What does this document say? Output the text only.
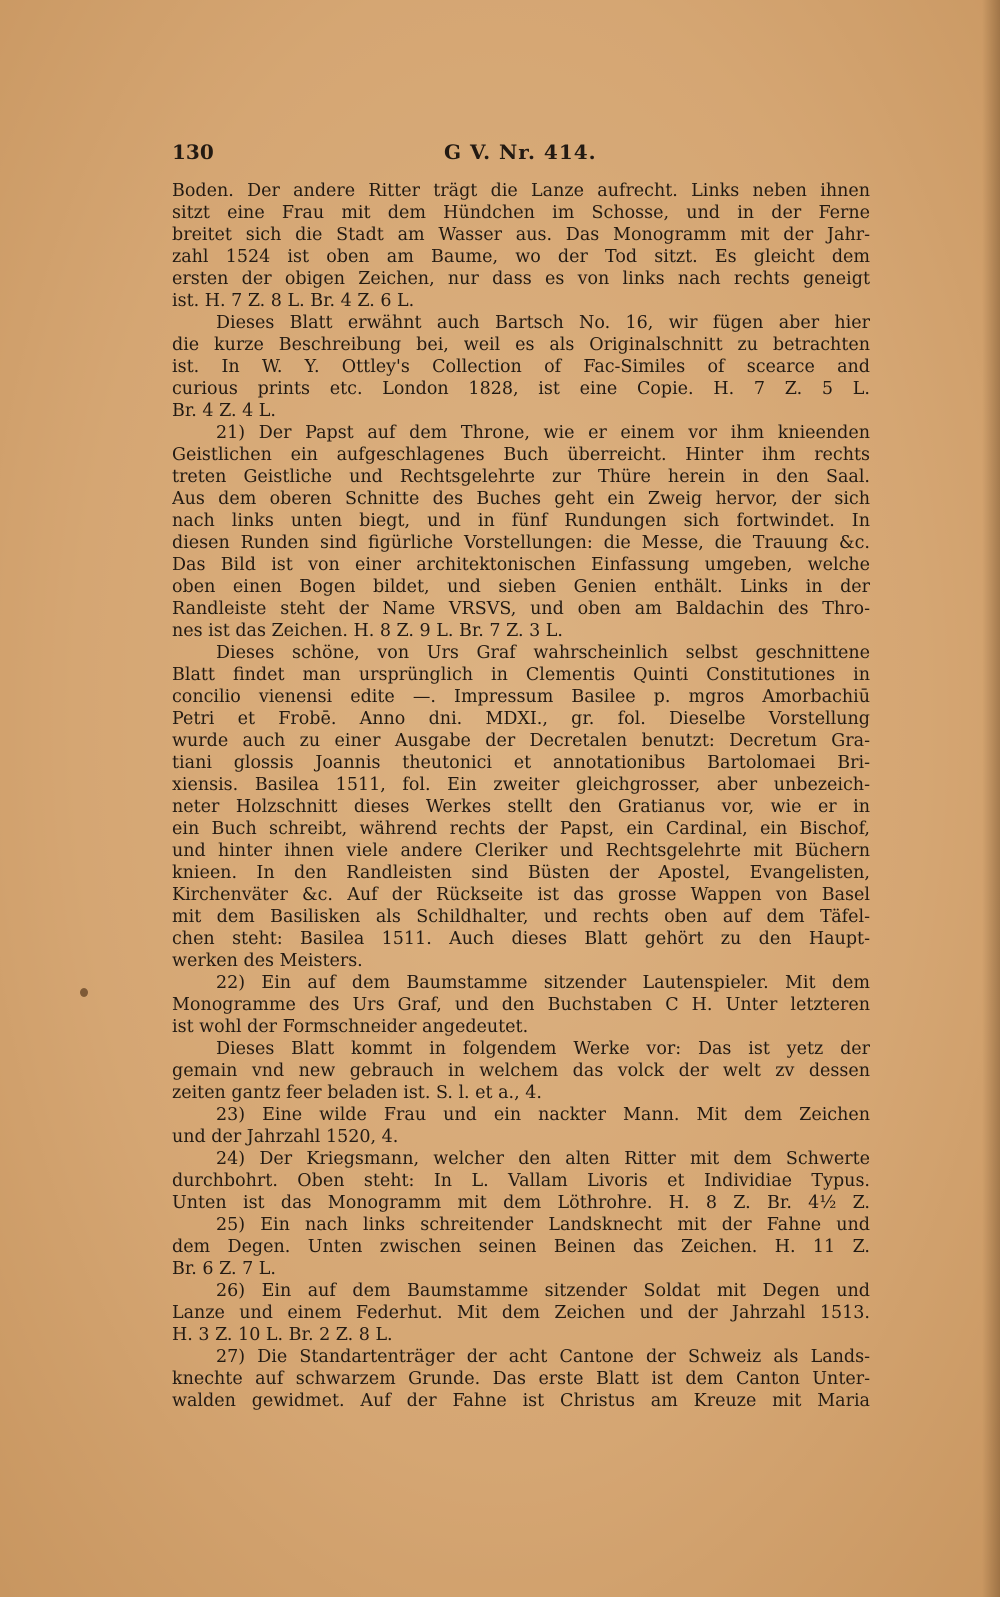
130	G V. Nr. 414.
Boden. Der andere Ritter trägt die Lanze aufrecht. Links neben ihnen
sitzt eine Frau mit dem Hündchen im Schosse, und in der Ferne
breitet sich die Stadt am Wasser aus. Das Monogramm mit der Jahr-
zahl 1524 ist oben am Baume, wo der Tod sitzt. Es gleicht dem
ersten der obigen Zeichen, nur dass es von links nach rechts geneigt
ist. H. 7 Z. 8 L. Br. 4 Z. 6 L.
Dieses Blatt erwähnt auch Bartsch No. 16, wir fügen aber hier
die kurze Beschreibung bei, weil es als Originalschnitt zu betrachten
ist. In W. Y. Ottley's Collection of Fac-Similes of scearce and
curious prints etc. London 1828, ist eine Copie. H. 7 Z. 5 L.
Br. 4 Z. 4 L.
21) Der Papst auf dem Throne, wie er einem vor ihm knieenden
Geistlichen ein aufgeschlagenes Buch überreicht. Hinter ihm rechts
treten Geistliche und Rechtsgelehrte zur Thüre herein in den Saal.
Aus dem oberen Schnitte des Buches geht ein Zweig hervor, der sich
nach links unten biegt, und in fünf Rundungen sich fortwindet. In
diesen Runden sind figürliche Vorstellungen: die Messe, die Trauung &c.
Das Bild ist von einer architektonischen Einfassung umgeben, welche
oben einen Bogen bildet, und sieben Genien enthält. Links in der
Randleiste steht der Name VRSVS, und oben am Baldachin des Thro-
nes ist das Zeichen. H. 8 Z. 9 L. Br. 7 Z. 3 L.
Dieses schöne, von Urs Graf wahrscheinlich selbst geschnittene
Blatt findet man ursprünglich in Clementis Quinti Constitutiones in
concilio vienensi edite —. Impressum Basilee p. mgros Amorbachiū
Petri et Frobē. Anno dni. MDXI., gr. fol. Dieselbe Vorstellung
wurde auch zu einer Ausgabe der Decretalen benutzt: Decretum Gra-
tiani glossis Joannis theutonici et annotationibus Bartolomaei Bri-
xiensis. Basilea 1511, fol. Ein zweiter gleichgrosser, aber unbezeich-
neter Holzschnitt dieses Werkes stellt den Gratianus vor, wie er in
ein Buch schreibt, während rechts der Papst, ein Cardinal, ein Bischof,
und hinter ihnen viele andere Cleriker und Rechtsgelehrte mit Büchern
knieen. In den Randleisten sind Büsten der Apostel, Evangelisten,
Kirchenväter &c. Auf der Rückseite ist das grosse Wappen von Basel
mit dem Basilisken als Schildhalter, und rechts oben auf dem Täfel-
chen steht: Basilea 1511. Auch dieses Blatt gehört zu den Haupt-
werken des Meisters.
22) Ein auf dem Baumstamme sitzender Lautenspieler. Mit dem
Monogramme des Urs Graf, und den Buchstaben C H. Unter letzteren
ist wohl der Formschneider angedeutet.
Dieses Blatt kommt in folgendem Werke vor: Das ist yetz der
gemain vnd new gebrauch in welchem das volck der welt zv dessen
zeiten gantz feer beladen ist. S. l. et a., 4.
23) Eine wilde Frau und ein nackter Mann. Mit dem Zeichen
und der Jahrzahl 1520, 4.
24) Der Kriegsmann, welcher den alten Ritter mit dem Schwerte
durchbohrt. Oben steht: In L. Vallam Livoris et Individiae Typus.
Unten ist das Monogramm mit dem Löthrohre. H. 8 Z. Br. 4½ Z.
25) Ein nach links schreitender Landsknecht mit der Fahne und
dem Degen. Unten zwischen seinen Beinen das Zeichen. H. 11 Z.
Br. 6 Z. 7 L.
26) Ein auf dem Baumstamme sitzender Soldat mit Degen und
Lanze und einem Federhut. Mit dem Zeichen und der Jahrzahl 1513.
H. 3 Z. 10 L. Br. 2 Z. 8 L.
27) Die Standartenträger der acht Cantone der Schweiz als Lands-
knechte auf schwarzem Grunde. Das erste Blatt ist dem Canton Unter-
walden gewidmet. Auf der Fahne ist Christus am Kreuze mit Maria
